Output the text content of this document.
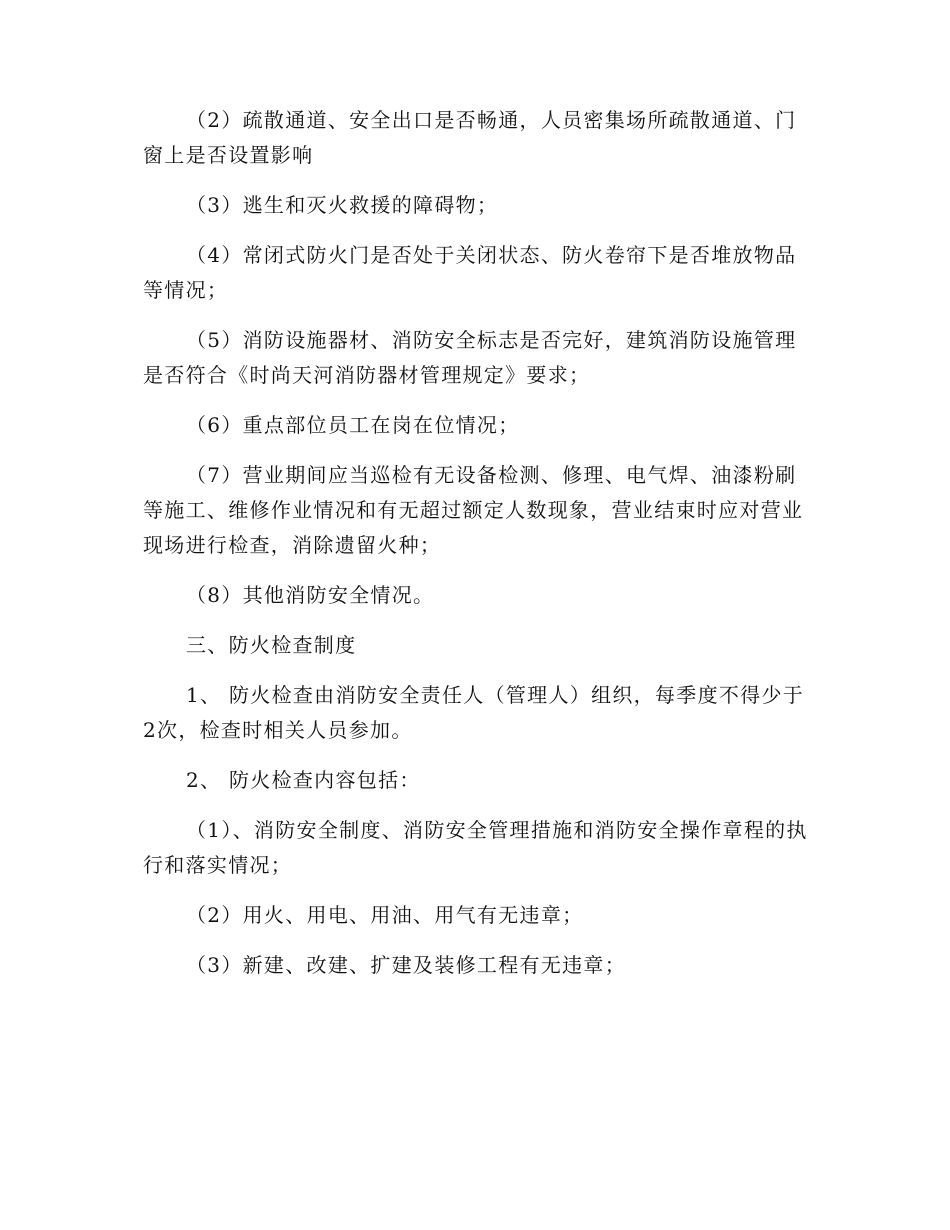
（2）疏散通道、安全出口是否畅通，人员密集场所疏散通道、门窗上是否设置影响

（3）逃生和灭火救援的障碍物；

（4）常闭式防火门是否处于关闭状态、防火卷帘下是否堆放物品等情况；

（5）消防设施器材、消防安全标志是否完好，建筑消防设施管理是否符合《时尚天河消防器材管理规定》要求；

（6）重点部位员工在岗在位情况；

（7）营业期间应当巡检有无设备检测、修理、电气焊、油漆粉刷等施工、维修作业情况和有无超过额定人数现象，营业结束时应对营业现场进行检查，消除遗留火种；

（8）其他消防安全情况。

三、防火检查制度

1、 防火检查由消防安全责任人（管理人）组织，每季度不得少于2次，检查时相关人员参加。

2、 防火检查内容包括：

（1）、消防安全制度、消防安全管理措施和消防安全操作章程的执行和落实情况；

（2）用火、用电、用油、用气有无违章；

（3）新建、改建、扩建及装修工程有无违章；
